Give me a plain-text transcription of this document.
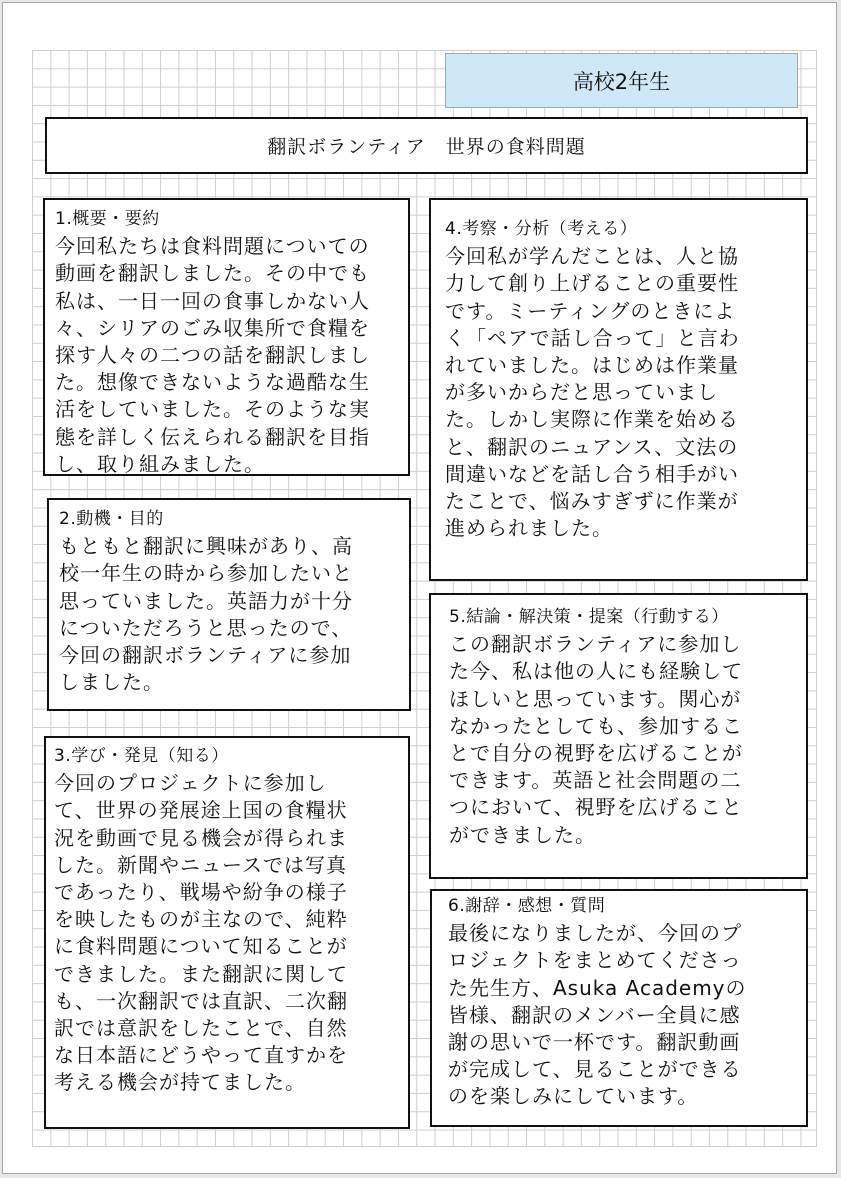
高校2年生
翻訳ボランティア　世界の食料問題
1.概要・要約
今回私たちは食料問題についての
動画を翻訳しました。その中でも
私は、一日一回の食事しかない人
々、シリアのごみ収集所で食糧を
探す人々の二つの話を翻訳しまし
た。想像できないような過酷な生
活をしていました。そのような実
態を詳しく伝えられる翻訳を目指
し、取り組みました。
2.動機・目的
もともと翻訳に興味があり、高
校一年生の時から参加したいと
思っていました。英語力が十分
についただろうと思ったので、
今回の翻訳ボランティアに参加
しました。
3.学び・発見（知る）
今回のプロジェクトに参加し
て、世界の発展途上国の食糧状
況を動画で見る機会が得られま
した。新聞やニュースでは写真
であったり、戦場や紛争の様子
を映したものが主なので、純粋
に食料問題について知ることが
できました。また翻訳に関して
も、一次翻訳では直訳、二次翻
訳では意訳をしたことで、自然
な日本語にどうやって直すかを
考える機会が持てました。
4.考察・分析（考える）
今回私が学んだことは、人と協
力して創り上げることの重要性
です。ミーティングのときによ
く「ペアで話し合って」と言わ
れていました。はじめは作業量
が多いからだと思っていまし
た。しかし実際に作業を始める
と、翻訳のニュアンス、文法の
間違いなどを話し合う相手がい
たことで、悩みすぎずに作業が
進められました。
5.結論・解決策・提案（行動する）
この翻訳ボランティアに参加し
た今、私は他の人にも経験して
ほしいと思っています。関心が
なかったとしても、参加するこ
とで自分の視野を広げることが
できます。英語と社会問題の二
つにおいて、視野を広げること
ができました。
6.謝辞・感想・質問
最後になりましたが、今回のプ
ロジェクトをまとめてくださっ
た先生方、Asuka Academyの
皆様、翻訳のメンバー全員に感
謝の思いで一杯です。翻訳動画
が完成して、見ることができる
のを楽しみにしています。
